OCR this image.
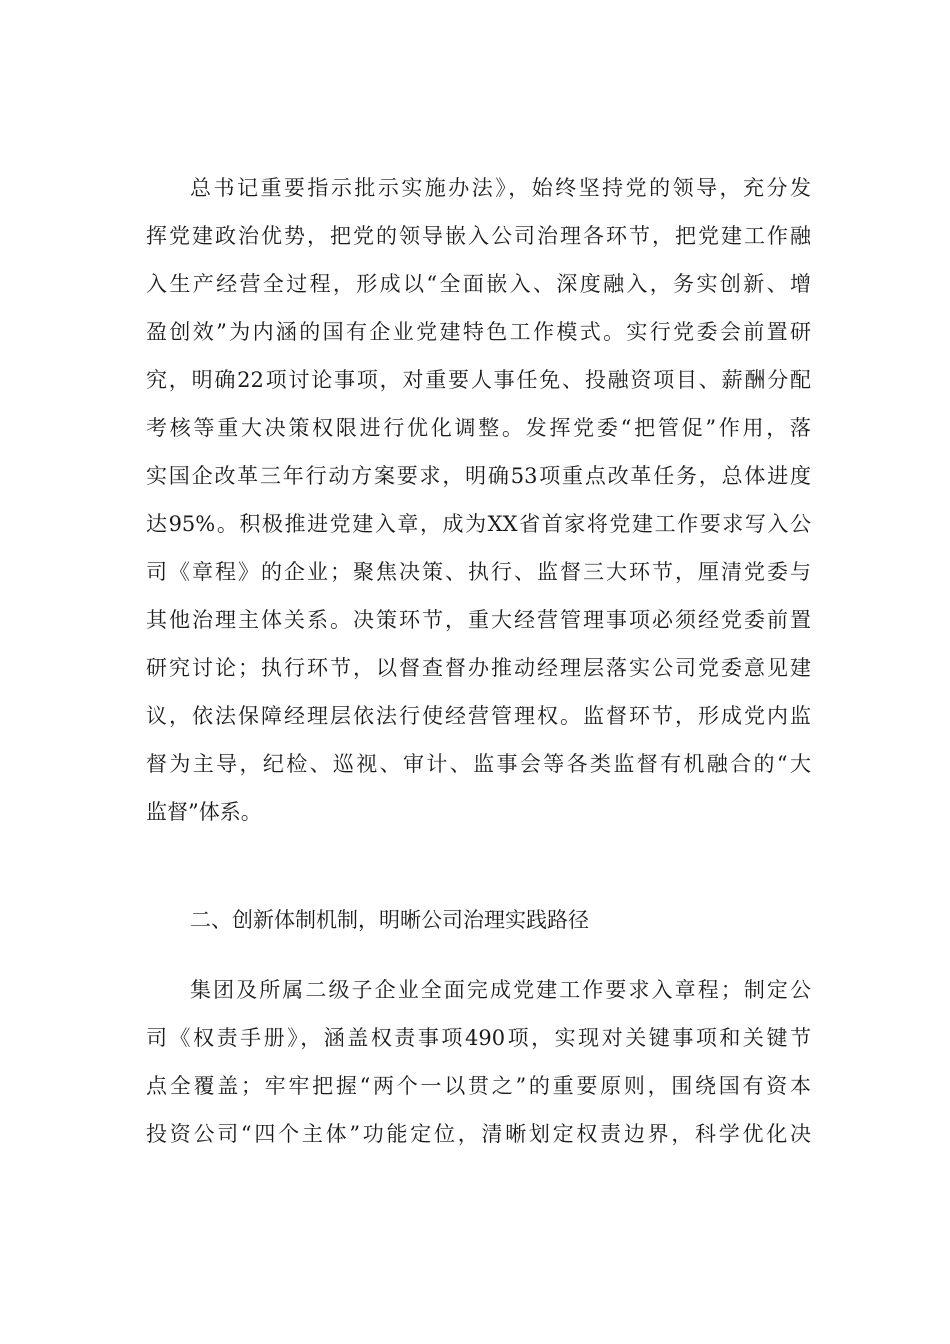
总书记重要指示批示实施办法》，始终坚持党的领导，充分发
挥党建政治优势，把党的领导嵌入公司治理各环节，把党建工作融
入生产经营全过程，形成以“全面嵌入、深度融入，务实创新、增
盈创效”为内涵的国有企业党建特色工作模式。实行党委会前置研
究，明确22项讨论事项，对重要人事任免、投融资项目、薪酬分配
考核等重大决策权限进行优化调整。发挥党委“把管促”作用，落
实国企改革三年行动方案要求，明确53项重点改革任务，总体进度
达95%。积极推进党建入章，成为XX省首家将党建工作要求写入公
司《章程》的企业；聚焦决策、执行、监督三大环节，厘清党委与
其他治理主体关系。决策环节，重大经营管理事项必须经党委前置
研究讨论；执行环节，以督查督办推动经理层落实公司党委意见建
议，依法保障经理层依法行使经营管理权。监督环节，形成党内监
督为主导，纪检、巡视、审计、监事会等各类监督有机融合的“大
监督”体系。
二、创新体制机制，明晰公司治理实践路径
集团及所属二级子企业全面完成党建工作要求入章程；制定公
司《权责手册》，涵盖权责事项490项，实现对关键事项和关键节
点全覆盖；牢牢把握“两个一以贯之”的重要原则，围绕国有资本
投资公司“四个主体”功能定位，清晰划定权责边界，科学优化决
